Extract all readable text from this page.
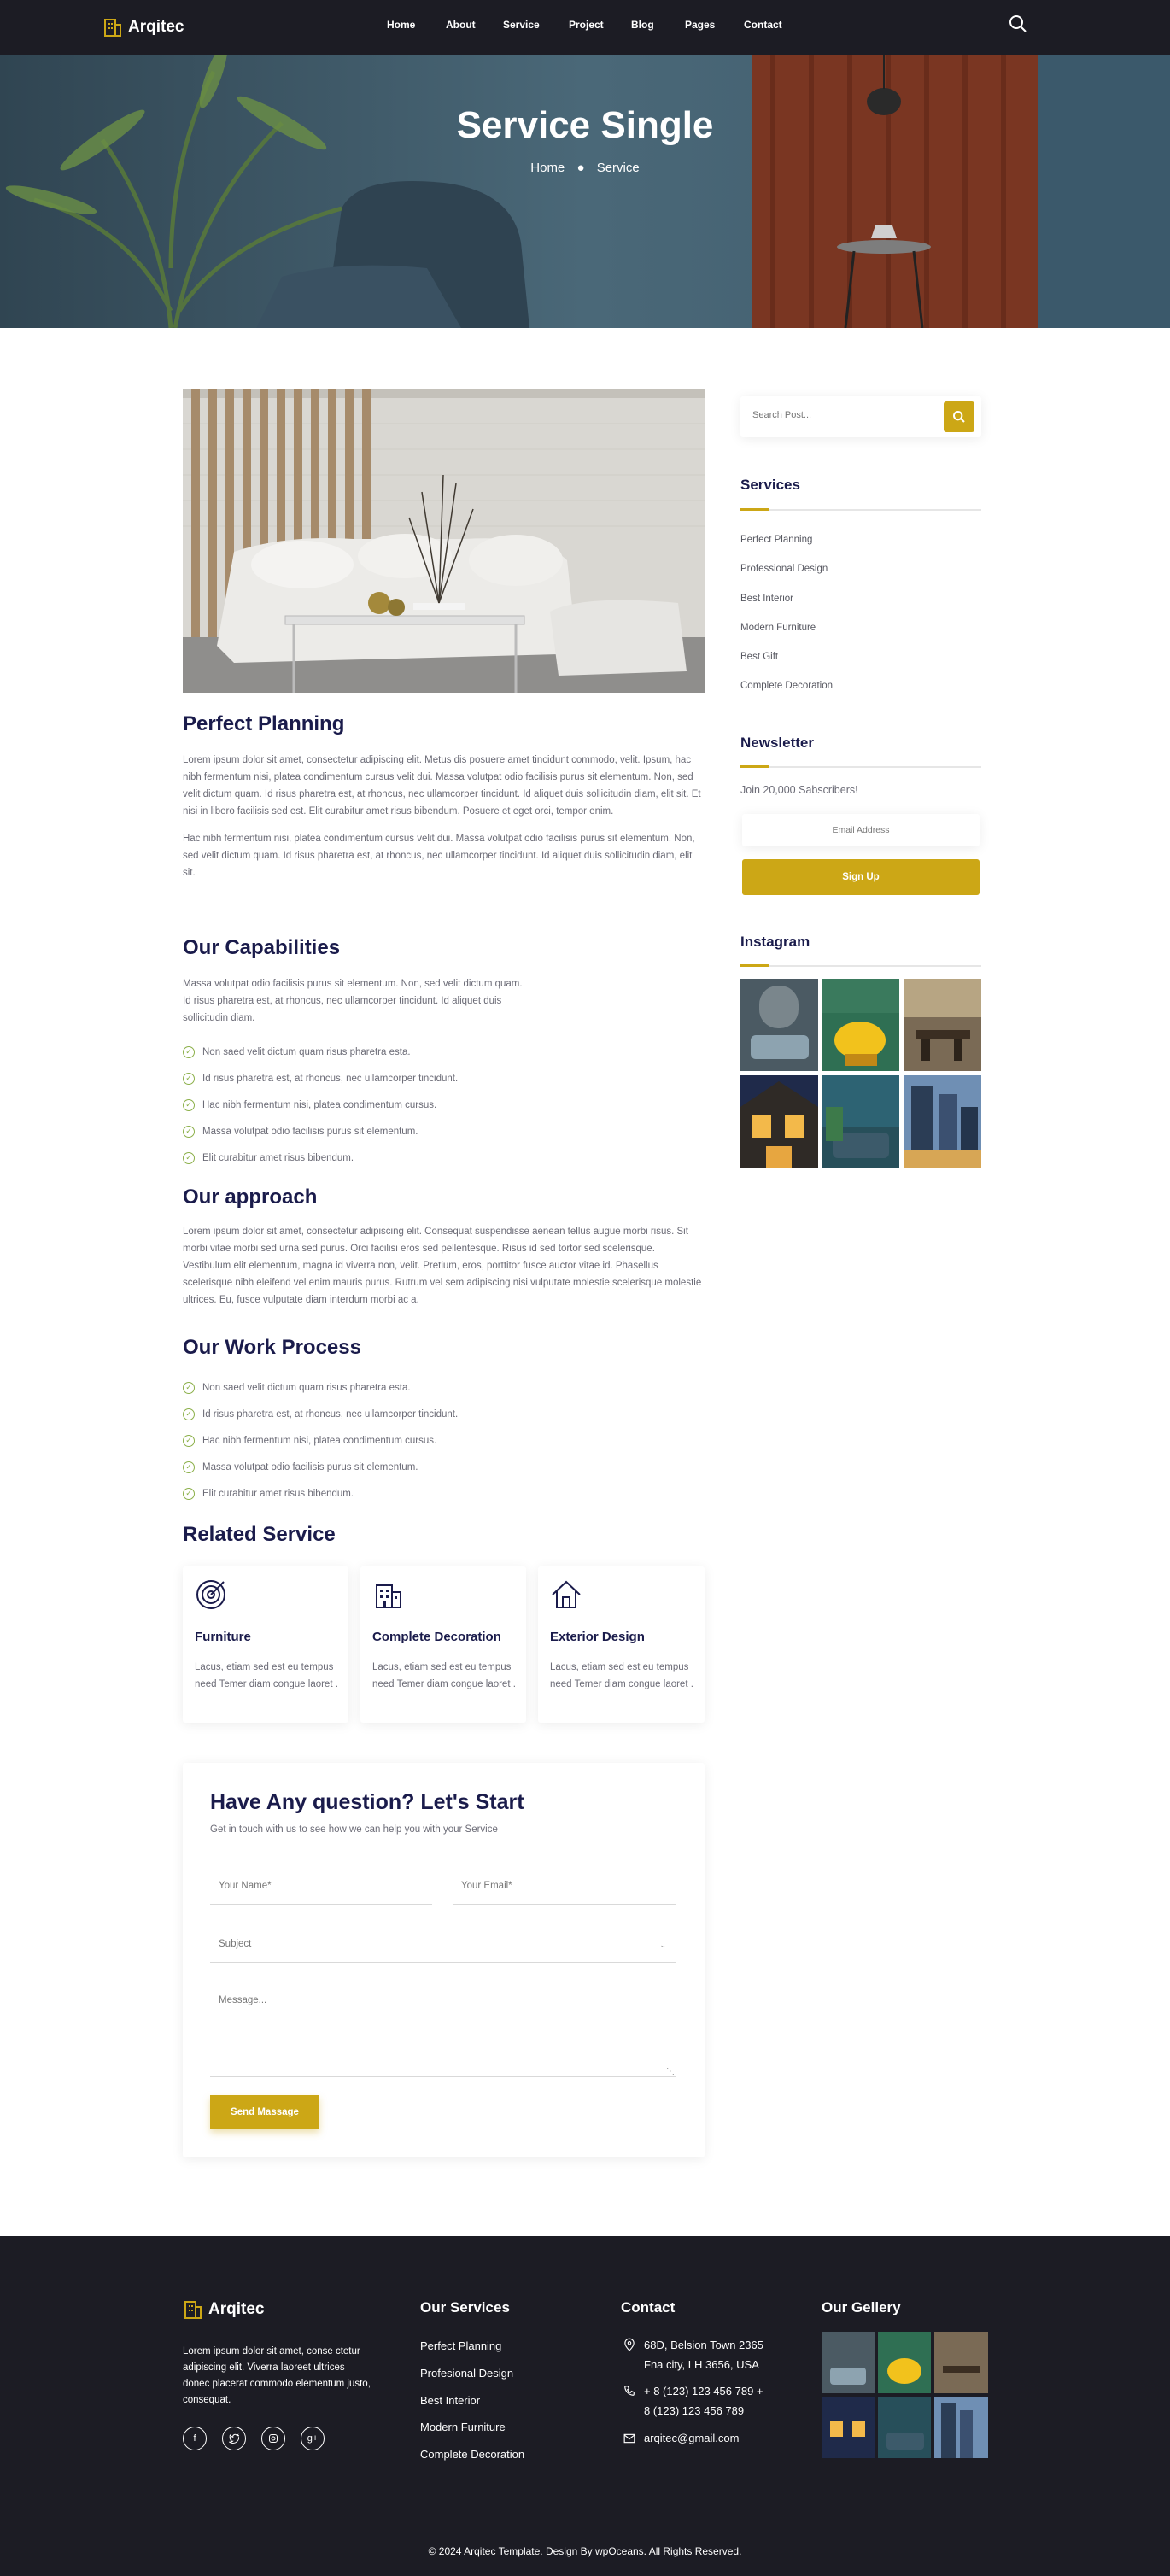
Arqitec	Home	About	Service	Project	Blog	Pages	Contact
Service Single
Home ● Service
Perfect Planning
Lorem ipsum dolor sit amet, consectetur adipiscing elit. Metus dis posuere amet tincidunt commodo, velit. Ipsum, hac nibh fermentum nisi, platea condimentum cursus velit dui. Massa volutpat odio facilisis purus sit elementum. Non, sed velit dictum quam. Id risus pharetra est, at rhoncus, nec ullamcorper tincidunt. Id aliquet duis sollicitudin diam, elit sit. Et nisi in libero facilisis sed est. Elit curabitur amet risus bibendum. Posuere et eget orci, tempor enim.
Hac nibh fermentum nisi, platea condimentum cursus velit dui. Massa volutpat odio facilisis purus sit elementum. Non, sed velit dictum quam. Id risus pharetra est, at rhoncus, nec ullamcorper tincidunt. Id aliquet duis sollicitudin diam, elit sit.
Our Capabilities
Massa volutpat odio facilisis purus sit elementum. Non, sed velit dictum quam. Id risus pharetra est, at rhoncus, nec ullamcorper tincidunt. Id aliquet duis sollicitudin diam.
✓ Non saed velit dictum quam risus pharetra esta.
✓ Id risus pharetra est, at rhoncus, nec ullamcorper tincidunt.
✓ Hac nibh fermentum nisi, platea condimentum cursus.
✓ Massa volutpat odio facilisis purus sit elementum.
✓ Elit curabitur amet risus bibendum.
Our approach
Lorem ipsum dolor sit amet, consectetur adipiscing elit. Consequat suspendisse aenean tellus augue morbi risus. Sit morbi vitae morbi sed urna sed purus. Orci facilisi eros sed pellentesque. Risus id sed tortor sed scelerisque. Vestibulum elit elementum, magna id viverra non, velit. Pretium, eros, porttitor fusce auctor vitae id. Phasellus scelerisque nibh eleifend vel enim mauris purus. Rutrum vel sem adipiscing nisi vulputate molestie scelerisque molestie ultrices. Eu, fusce vulputate diam interdum morbi ac a.
Our Work Process
✓ Non saed velit dictum quam risus pharetra esta.
✓ Id risus pharetra est, at rhoncus, nec ullamcorper tincidunt.
✓ Hac nibh fermentum nisi, platea condimentum cursus.
✓ Massa volutpat odio facilisis purus sit elementum.
✓ Elit curabitur amet risus bibendum.
Related Service
Furniture
Lacus, etiam sed est eu tempus need Temer diam congue laoret .
Complete Decoration
Lacus, etiam sed est eu tempus need Temer diam congue laoret .
Exterior Design
Lacus, etiam sed est eu tempus need Temer diam congue laoret .
Have Any question? Let's Start
Get in touch with us to see how we can help you with your Service
Your Name*	Your Email*
Subject	⌄
Message...
⋱
Send Massage
Search Post...
Services
Perfect Planning
Professional Design
Best Interior
Modern Furniture
Best Gift
Complete Decoration
Newsletter
Join 20,000 Sabscribers!
Email Address
Sign Up
Instagram
Arqitec
Lorem ipsum dolor sit amet, conse ctetur adipiscing elit. Viverra laoreet ultrices donec placerat commodo elementum justo, consequat.
f	g+
Our Services
Perfect Planning
Profesional Design
Best Interior
Modern Furniture
Complete Decoration
Contact
68D, Belsion Town 2365
Fna city, LH 3656, USA
+ 8 (123) 123 456 789 +
8 (123) 123 456 789
arqitec@gmail.com
Our Gellery
© 2024 Arqitec Template. Design By wpOceans. All Rights Reserved.
